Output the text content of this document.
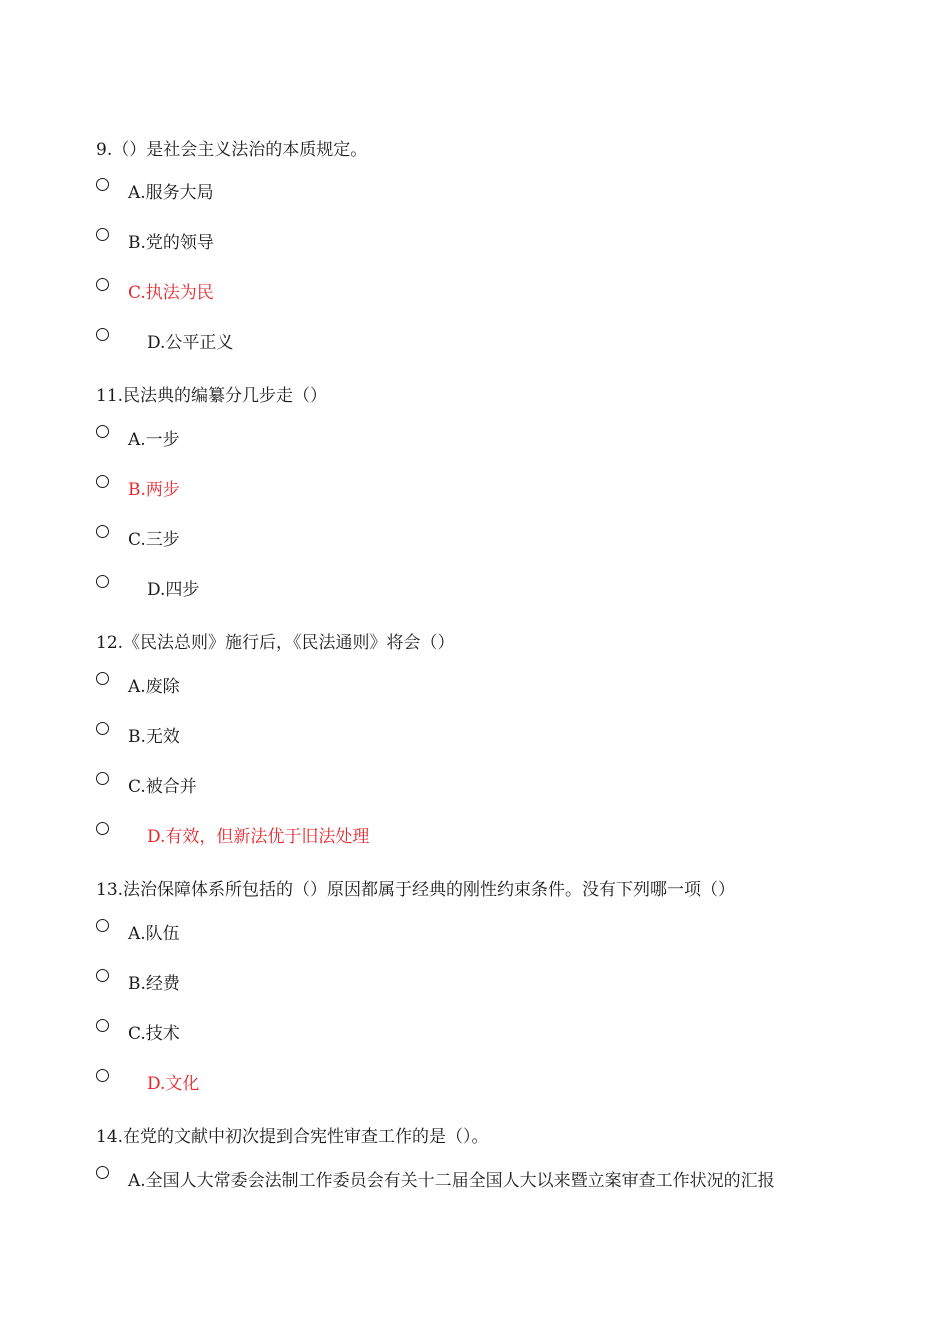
9.（）是社会主义法治的本质规定。
A.服务大局
B.党的领导
C.执法为民
D.公平正义
11.民法典的编纂分几步走（）
A.一步
B.两步
C.三步
D.四步
12.《民法总则》施行后，《民法通则》将会（）
A.废除
B.无效
C.被合并
D.有效，但新法优于旧法处理
13.法治保障体系所包括的（）原因都属于经典的刚性约束条件。没有下列哪一项（）
A.队伍
B.经费
C.技术
D.文化
14.在党的文献中初次提到合宪性审查工作的是（）。
A.全国人大常委会法制工作委员会有关十二届全国人大以来暨立案审查工作状况的汇报
